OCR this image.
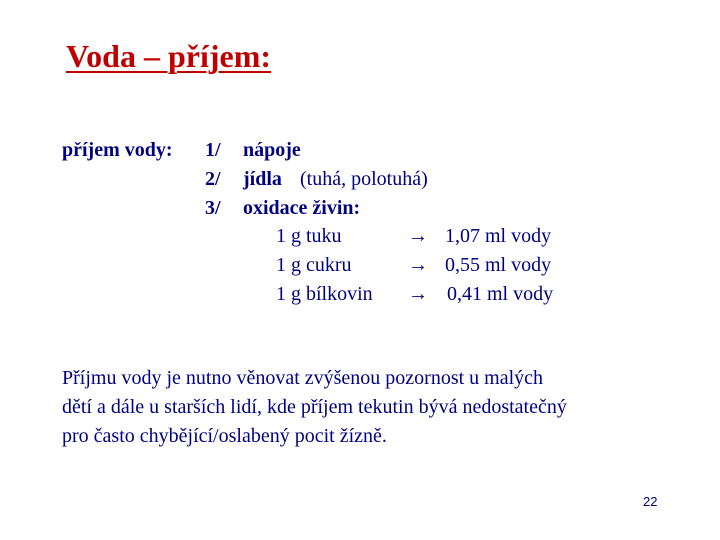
Voda – příjem:
příjem vody: 1/ nápoje
2/ jídla (tuhá, polotuhá)
3/ oxidace živin:
1 g tuku	→ 1,07 ml vody
1 g cukru	→ 0,55 ml vody
1 g bílkovin → 0,41 ml vody
Příjmu vody je nutno věnovat zvýšenou pozornost u malých
dětí a dále u starších lidí, kde příjem tekutin bývá nedostatečný
pro často chybějící/oslabený pocit žízně.
22
